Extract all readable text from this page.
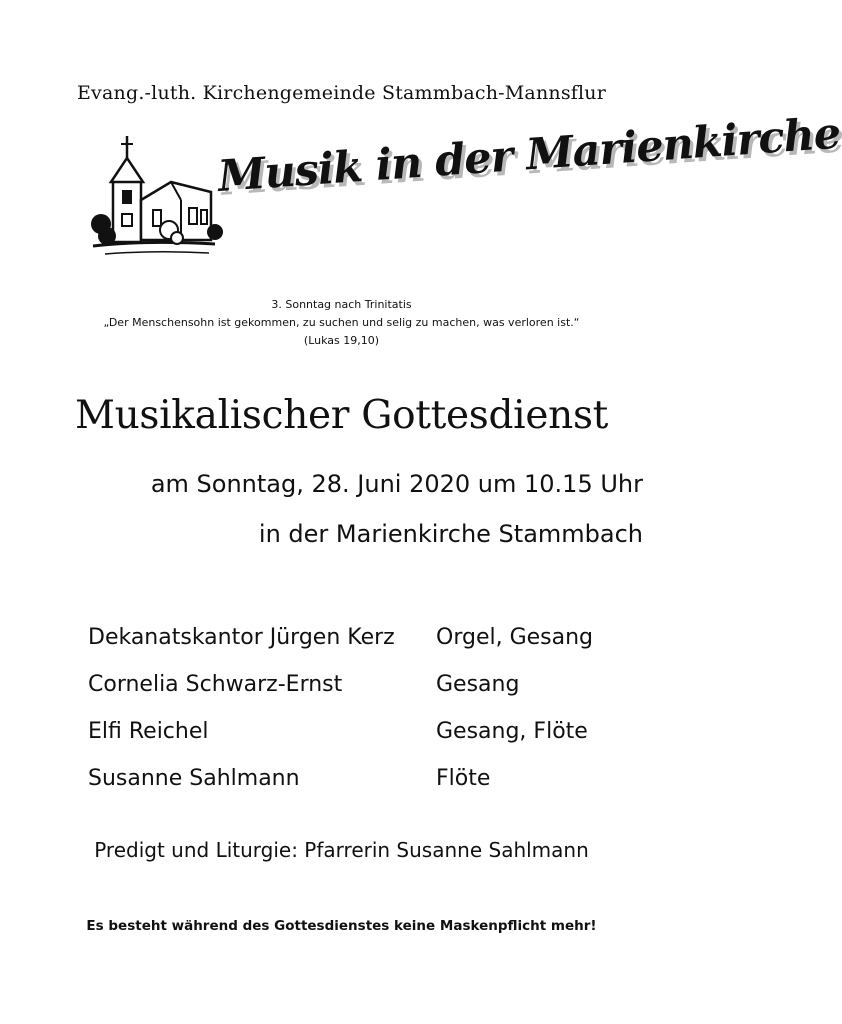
Evang.-luth. Kirchengemeinde Stammbach-Mannsflur
Musik in der Marienkirche
3. Sonntag nach Trinitatis
„Der Menschensohn ist gekommen, zu suchen und selig zu machen, was verloren ist.“
(Lukas 19,10)
Musikalischer Gottesdienst
am Sonntag, 28. Juni 2020 um 10.15 Uhr
in der Marienkirche Stammbach
Dekanatskantor Jürgen Kerz	Orgel, Gesang
Cornelia Schwarz-Ernst	Gesang
Elfi Reichel	Gesang, Flöte
Susanne Sahlmann	Flöte
Predigt und Liturgie: Pfarrerin Susanne Sahlmann
Es besteht während des Gottesdienstes keine Maskenpflicht mehr!
